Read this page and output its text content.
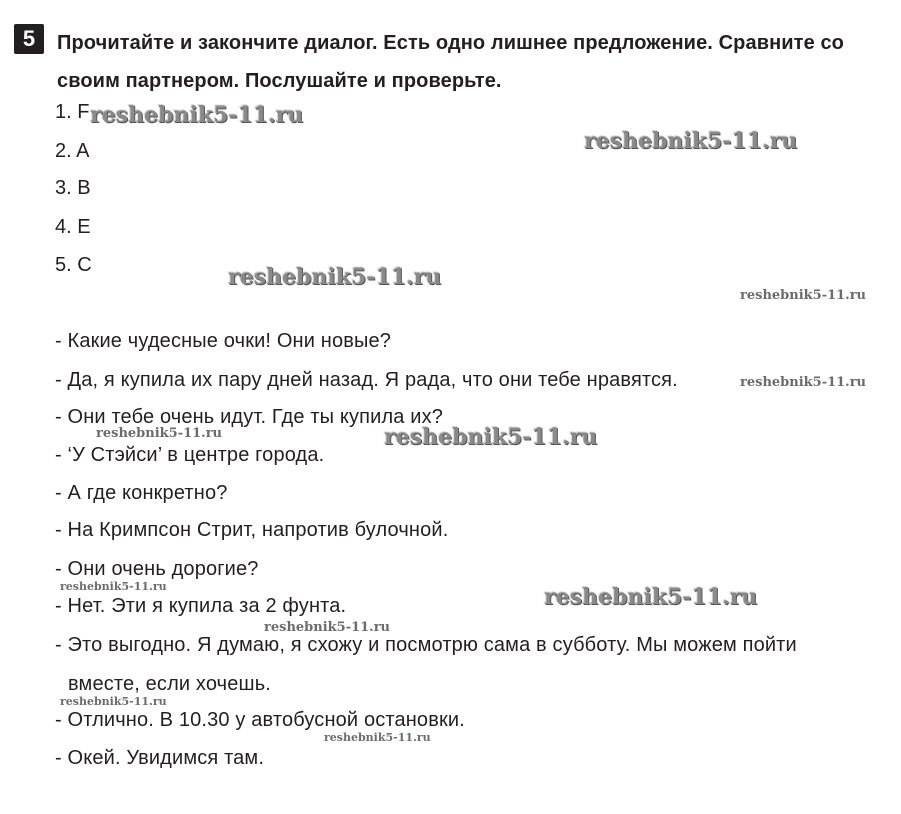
5	Прочитайте и закончите диалог. Есть одно лишнее предложение. Сравните со своим партнером. Послушайте и проверьте.
1. F
2. A
3. B
4. E
5. C
- Какие чудесные очки! Они новые?
- Да, я купила их пару дней назад. Я рада, что они тебе нравятся.
- Они тебе очень идут. Где ты купила их?
- ‘У Стэйси’ в центре города.
- А где конкретно?
- На Кримпсон Стрит, напротив булочной.
- Они очень дорогие?
- Нет. Эти я купила за 2 фунта.
- Это выгодно. Я думаю, я схожу и посмотрю сама в субботу. Мы можем пойти
вместе, если хочешь.
- Отлично. В 10.30 у автобусной остановки.
- Окей. Увидимся там.
reshebnik5-11.ru
reshebnik5-11.ru
reshebnik5-11.ru
reshebnik5-11.ru
reshebnik5-11.ru
reshebnik5-11.ru	reshebnik5-11.ru
reshebnik5-11.ru	reshebnik5-11.ru
reshebnik5-11.ru
reshebnik5-11.ru
reshebnik5-11.ru
